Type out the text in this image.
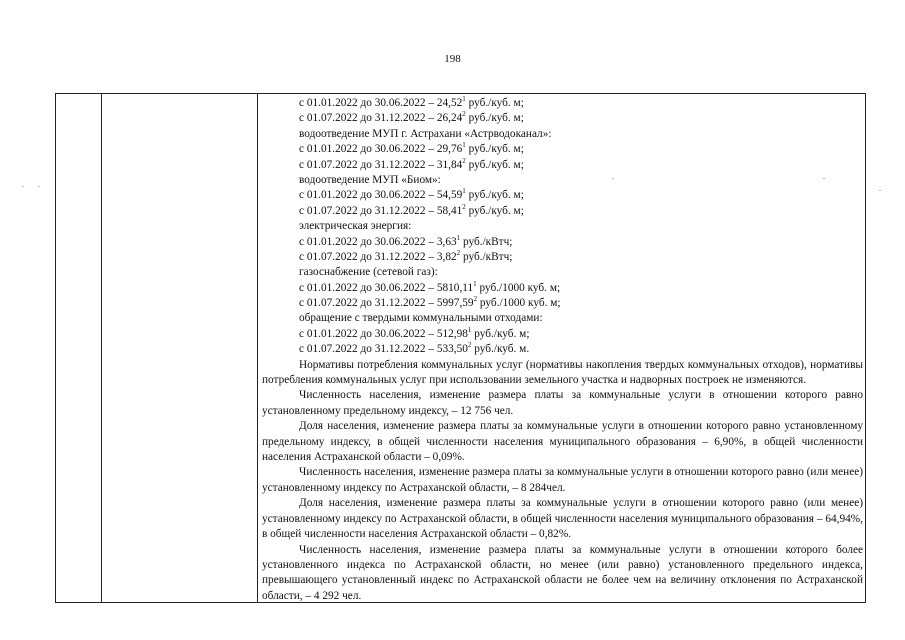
198
с 01.01.2022 до 30.06.2022 – 24,52$^1$ руб./куб. м;
с 01.07.2022 до 31.12.2022 – 26,24$^2$ руб./куб. м;
водоотведение МУП г. Астрахани «Астрводоканал»:
с 01.01.2022 до 30.06.2022 – 29,76$^1$ руб./куб. м;
с 01.07.2022 до 31.12.2022 – 31,84$^2$ руб./куб. м;
водоотведение МУП «Биом»:
с 01.01.2022 до 30.06.2022 – 54,59$^1$ руб./куб. м;
с 01.07.2022 до 31.12.2022 – 58,41$^2$ руб./куб. м;
электрическая энергия:
с 01.01.2022 до 30.06.2022 – 3,63$^1$ руб./кВтч;
с 01.07.2022 до 31.12.2022 – 3,82$^2$ руб./кВтч;
газоснабжение (сетевой газ):
с 01.01.2022 до 30.06.2022 – 5810,11$^1$ руб./1000 куб. м;
с 01.07.2022 до 31.12.2022 – 5997,59$^2$ руб./1000 куб. м;
обращение с твердыми коммунальными отходами:
с 01.01.2022 до 30.06.2022 – 512,98$^1$ руб./куб. м;
с 01.07.2022 до 31.12.2022 – 533,50$^2$ руб./куб. м.

Нормативы потребления коммунальных услуг (нормативы накопления твердых коммунальных отходов), нормативы потребления коммунальных услуг при использовании земельного участка и надворных построек не изменяются.

Численность населения, изменение размера платы за коммунальные услуги в отношении которого равно установленному предельному индексу, – 12 756 чел.

Доля населения, изменение размера платы за коммунальные услуги в отношении которого равно установленному предельному индексу, в общей численности населения муниципального образования – 6,90%, в общей численности населения Астраханской области – 0,09%.

Численность населения, изменение размера платы за коммунальные услуги в отношении которого равно (или менее) установленному индексу по Астраханской области, – 8 284чел.

Доля населения, изменение размера платы за коммунальные услуги в отношении которого равно (или менее) установленному индексу по Астраханской области, в общей численности населения муниципального образования – 64,94%, в общей численности населения Астраханской области – 0,82%.

Численность населения, изменение размера платы за коммунальные услуги в отношении которого более установленного индекса по Астраханской области, но менее (или равно) установленного предельного индекса, превышающего установленный индекс по Астраханской области не более чем на величину отклонения по Астраханской области, – 4 292 чел.
